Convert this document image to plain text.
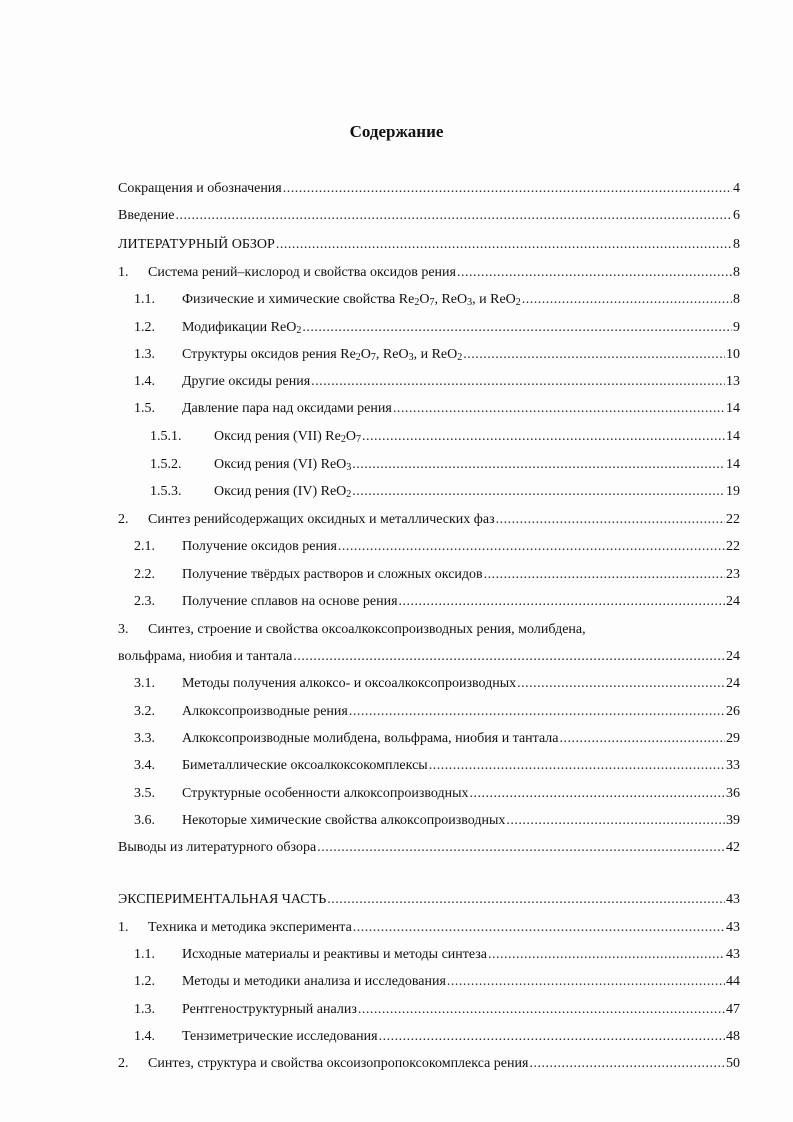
Содержание
Сокращения и обозначения .....	4
Введение .....	6
ЛИТЕРАТУРНЫЙ ОБЗОР .....	8
1.	Система рений–кислород и свойства оксидов рения .....	8
1.1.	Физические и химические свойства $Re_2O_7$, ReO$_3$, и ReO$_2$ .....	8
1.2.	Модификации ReO$_2$ .....	9
1.3.	Структуры оксидов рения $Re_2O_7$, ReO$_3$, и ReO$_2$ .....	10
1.4.	Другие оксиды рения .....	13
1.5.	Давление пара над оксидами рения .....	14
1.5.1.	Оксид рения (VII) $Re_2O_7$ .....	14
1.5.2.	Оксид рения (VI) ReO$_3$ .....	14
1.5.3.	Оксид рения (IV) ReO$_2$ .....	19
2.	Синтез ренийсодержащих оксидных и металлических фаз .....	22
2.1.	Получение оксидов рения .....	22
2.2.	Получение твёрдых растворов и сложных оксидов .....	23
2.3.	Получение сплавов на основе рения .....	24
3. Синтез, строение и свойства оксоалкоксопроизводных рения, молибдена,
вольфрама, ниобия и тантала .....	24
3.1.	Методы получения алкоксо- и оксоалкоксопроизводных .....	24
3.2.	Алкоксопроизводные рения .....	26
3.3.	Алкоксопроизводные молибдена, вольфрама, ниобия и тантала .....	29
3.4.	Биметаллические оксоалкоксокомплексы .....	33
3.5.	Структурные особенности алкоксопроизводных .....	36
3.6.	Некоторые химические свойства алкоксопроизводных .....	39
Выводы из литературного обзора .....	42
ЭКСПЕРИМЕНТАЛЬНАЯ ЧАСТЬ .....	43
1.	Техника и методика эксперимента .....	43
1.1.	Исходные материалы и реактивы и методы синтеза .....	43
1.2.	Методы и методики анализа и исследования .....	44
1.3.	Рентгеноструктурный анализ .....	47
1.4.	Тензиметрические исследования .....	48
2.	Синтез, структура и свойства оксоизопропоксокомплекса рения .....	50
